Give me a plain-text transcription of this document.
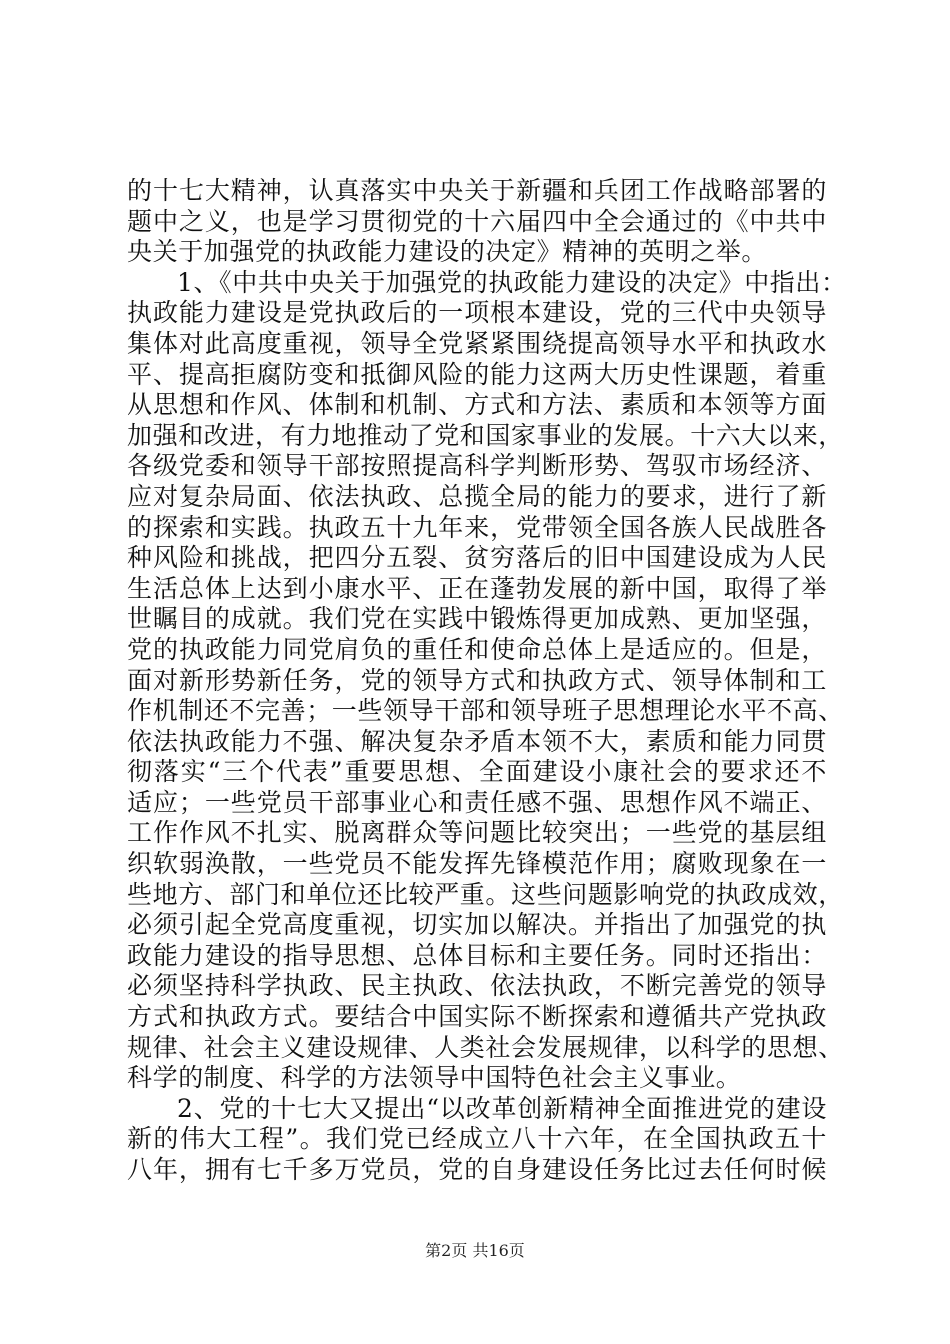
的十七大精神，认真落实中央关于新疆和兵团工作战略部署的
题中之义，也是学习贯彻党的十六届四中全会通过的《中共中
央关于加强党的执政能力建设的决定》精神的英明之举。
1、《中共中央关于加强党的执政能力建设的决定》中指出：
执政能力建设是党执政后的一项根本建设，党的三代中央领导
集体对此高度重视，领导全党紧紧围绕提高领导水平和执政水
平、提高拒腐防变和抵御风险的能力这两大历史性课题，着重
从思想和作风、体制和机制、方式和方法、素质和本领等方面
加强和改进，有力地推动了党和国家事业的发展。十六大以来，
各级党委和领导干部按照提高科学判断形势、驾驭市场经济、
应对复杂局面、依法执政、总揽全局的能力的要求，进行了新
的探索和实践。执政五十九年来，党带领全国各族人民战胜各
种风险和挑战，把四分五裂、贫穷落后的旧中国建设成为人民
生活总体上达到小康水平、正在蓬勃发展的新中国，取得了举
世瞩目的成就。我们党在实践中锻炼得更加成熟、更加坚强，
党的执政能力同党肩负的重任和使命总体上是适应的。但是，
面对新形势新任务，党的领导方式和执政方式、领导体制和工
作机制还不完善；一些领导干部和领导班子思想理论水平不高、
依法执政能力不强、解决复杂矛盾本领不大，素质和能力同贯
彻落实“三个代表”重要思想、全面建设小康社会的要求还不
适应；一些党员干部事业心和责任感不强、思想作风不端正、
工作作风不扎实、脱离群众等问题比较突出；一些党的基层组
织软弱涣散，一些党员不能发挥先锋模范作用；腐败现象在一
些地方、部门和单位还比较严重。这些问题影响党的执政成效，
必须引起全党高度重视，切实加以解决。并指出了加强党的执
政能力建设的指导思想、总体目标和主要任务。同时还指出：
必须坚持科学执政、民主执政、依法执政，不断完善党的领导
方式和执政方式。要结合中国实际不断探索和遵循共产党执政
规律、社会主义建设规律、人类社会发展规律，以科学的思想、
科学的制度、科学的方法领导中国特色社会主义事业。
2、党的十七大又提出“以改革创新精神全面推进党的建设
新的伟大工程”。我们党已经成立八十六年，在全国执政五十
八年，拥有七千多万党员，党的自身建设任务比过去任何时候
第2页 共16页
